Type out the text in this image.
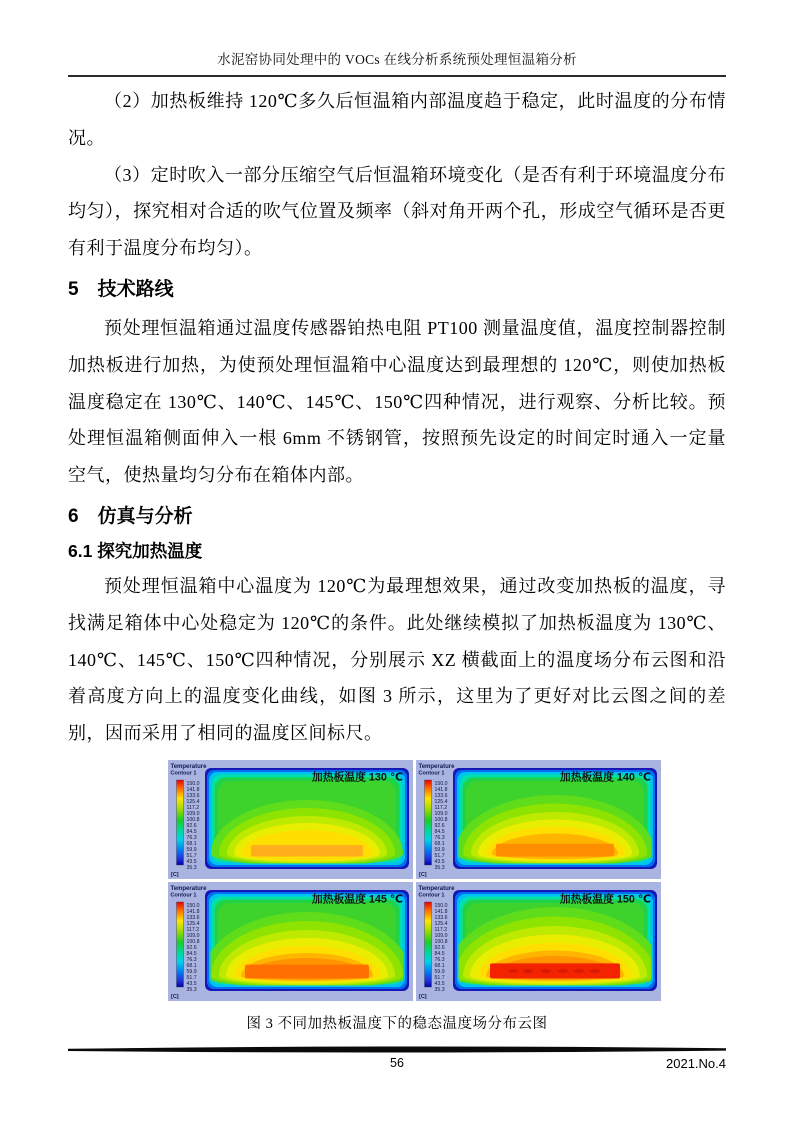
水泥窑协同处理中的 VOCs 在线分析系统预处理恒温箱分析

（2）加热板维持 120℃多久后恒温箱内部温度趋于稳定，此时温度的分布情况。

（3）定时吹入一部分压缩空气后恒温箱环境变化（是否有利于环境温度分布均匀），探究相对合适的吹气位置及频率（斜对角开两个孔，形成空气循环是否更有利于温度分布均匀）。

5　技术路线

预处理恒温箱通过温度传感器铂热电阻 PT100 测量温度值，温度控制器控制加热板进行加热，为使预处理恒温箱中心温度达到最理想的 120℃，则使加热板温度稳定在 130℃、140℃、145℃、150℃四种情况，进行观察、分析比较。预处理恒温箱侧面伸入一根 6mm 不锈钢管，按照预先设定的时间定时通入一定量空气，使热量均匀分布在箱体内部。

6　仿真与分析
6.1 探究加热温度

预处理恒温箱中心温度为 120℃为最理想效果，通过改变加热板的温度，寻找满足箱体中心处稳定为 120℃的条件。此处继续模拟了加热板温度为 130℃、140℃、145℃、150℃四种情况，分别展示 XZ 横截面上的温度场分布云图和沿着高度方向上的温度变化曲线，如图 3 所示，这里为了更好对比云图之间的差别，因而采用了相同的温度区间标尺。

Temperature
Contour 1
150.0
141.8
133.6
125.4
117.2
109.0
100.8
92.6
84.5
76.3
68.1
59.9
51.7
43.5
35.3
[C]
加热板温度 130 ℃
Temperature
Contour 1
150.0
141.8
133.6
125.4
117.2
109.0
100.8
92.6
84.5
76.3
68.1
59.9
51.7
43.5
35.3
[C]
加热板温度 140 ℃
Temperature
Contour 1
150.0
141.8
133.6
125.4
117.2
109.0
100.8
92.6
84.5
76.3
68.1
59.9
51.7
43.5
35.3
[C]
加热板温度 145 ℃
Temperature
Contour 1
150.0
141.8
133.6
125.4
117.2
109.0
100.8
92.6
84.5
76.3
68.1
59.9
51.7
43.5
35.3
[C]
加热板温度 150 ℃
图 3 不同加热板温度下的稳态温度场分布云图
56	2021.No.4
